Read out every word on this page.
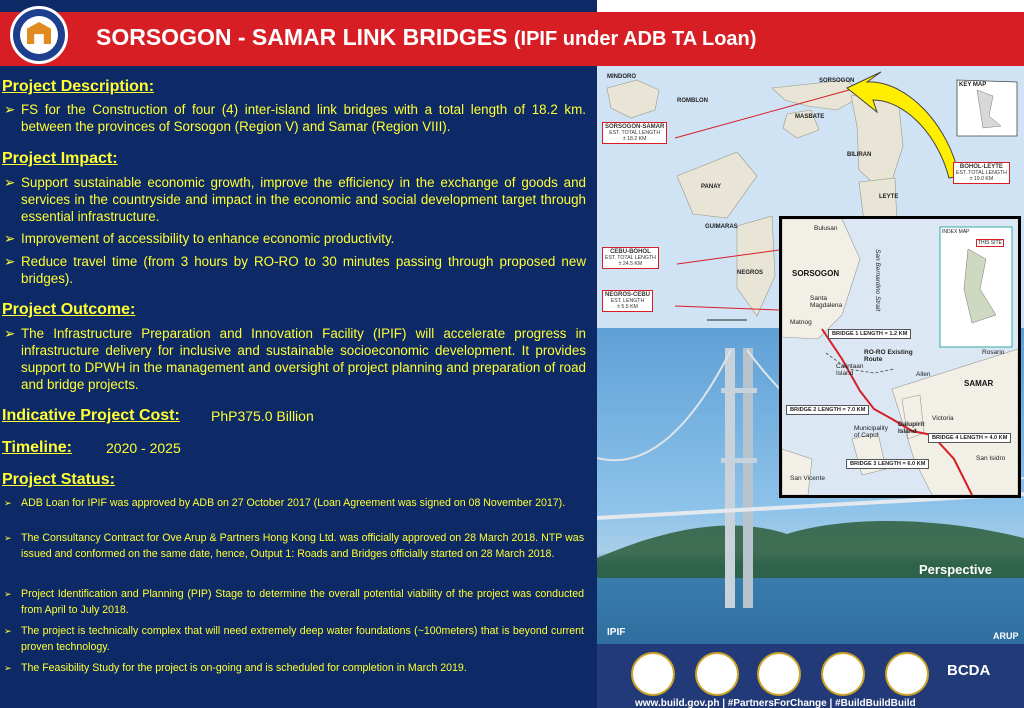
SORSOGON - SAMAR LINK BRIDGES (IPIF under ADB TA Loan)
Project Description:
➢ FS for the Construction of four (4) inter-island link bridges with a total length of 18.2 km. between the provinces of Sorsogon (Region V) and Samar (Region VIII).
Project Impact:
➢ Support sustainable economic growth, improve the efficiency in the exchange of goods and services in the countryside and impact in the economic and social development target through essential infrastructure.
➢ Improvement of accessibility to enhance economic productivity.
➢ Reduce travel time (from 3 hours by RO-RO to 30 minutes passing through proposed new bridges).
Project Outcome:
➢ The Infrastructure Preparation and Innovation Facility (IPIF) will accelerate progress in infrastructure delivery for inclusive and sustainable socioeconomic development. It provides support to DPWH in the management and oversight of project planning and preparation of road and bridge projects.
Indicative Project Cost: PhP375.0 Billion
Timeline: 2020 - 2025
Project Status:
➢ ADB Loan for IPIF was approved by ADB on 27 October 2017 (Loan Agreement was signed on 08 November 2017).
➢ The Consultancy Contract for Ove Arup & Partners Hong Kong Ltd. was officially approved on 28 March 2018. NTP was issued and conformed on the same date, hence, Output 1: Roads and Bridges officially started on 28 March 2018.
➢ Project Identification and Planning (PIP) Stage to determine the overall potential viability of the project was conducted from April to July 2018.
➢ The project is technically complex that will need extremely deep water foundations (~100meters) that is beyond current proven technology.
➢ The Feasibility Study for the project is on-going and is scheduled for completion in March 2019.
MINDORO
ROMBLON
SORSOGON
MASBATE
PANAY
BILIRAN
LEYTE
GUIMARAS
NEGROS
KEY MAP
SORSOGON-SAMAR
EST. TOTAL LENGTH
± 18.2 KM
BOHOL-LEYTE
EST. TOTAL LENGTH
± 19.0 KM
CEBU-BOHOL
EST. TOTAL LENGTH
± 24.5 KM
NEGROS-CEBU
EST. LENGTH
± 5.5 KM
Perspective
IPIF	ARUP
Bulusan
SORSOGON
Santa Magdalena
Matnog
RO-RO Existing Route
Calintaan Island	Allen
SAMAR
Rosario
Victoria
Municipality of Capul
Dalupirit Island
San Isidro
San Vicente
San Bernardino Strait
INDEX MAP
THIS SITE
BRIDGE 1 LENGTH = 1.2 KM
BRIDGE 2 LENGTH = 7.0 KM
BRIDGE 3 LENGTH = 6.0 KM
BRIDGE 4 LENGTH = 4.0 KM
BCDA
www.build.gov.ph | #PartnersForChange | #BuildBuildBuild
